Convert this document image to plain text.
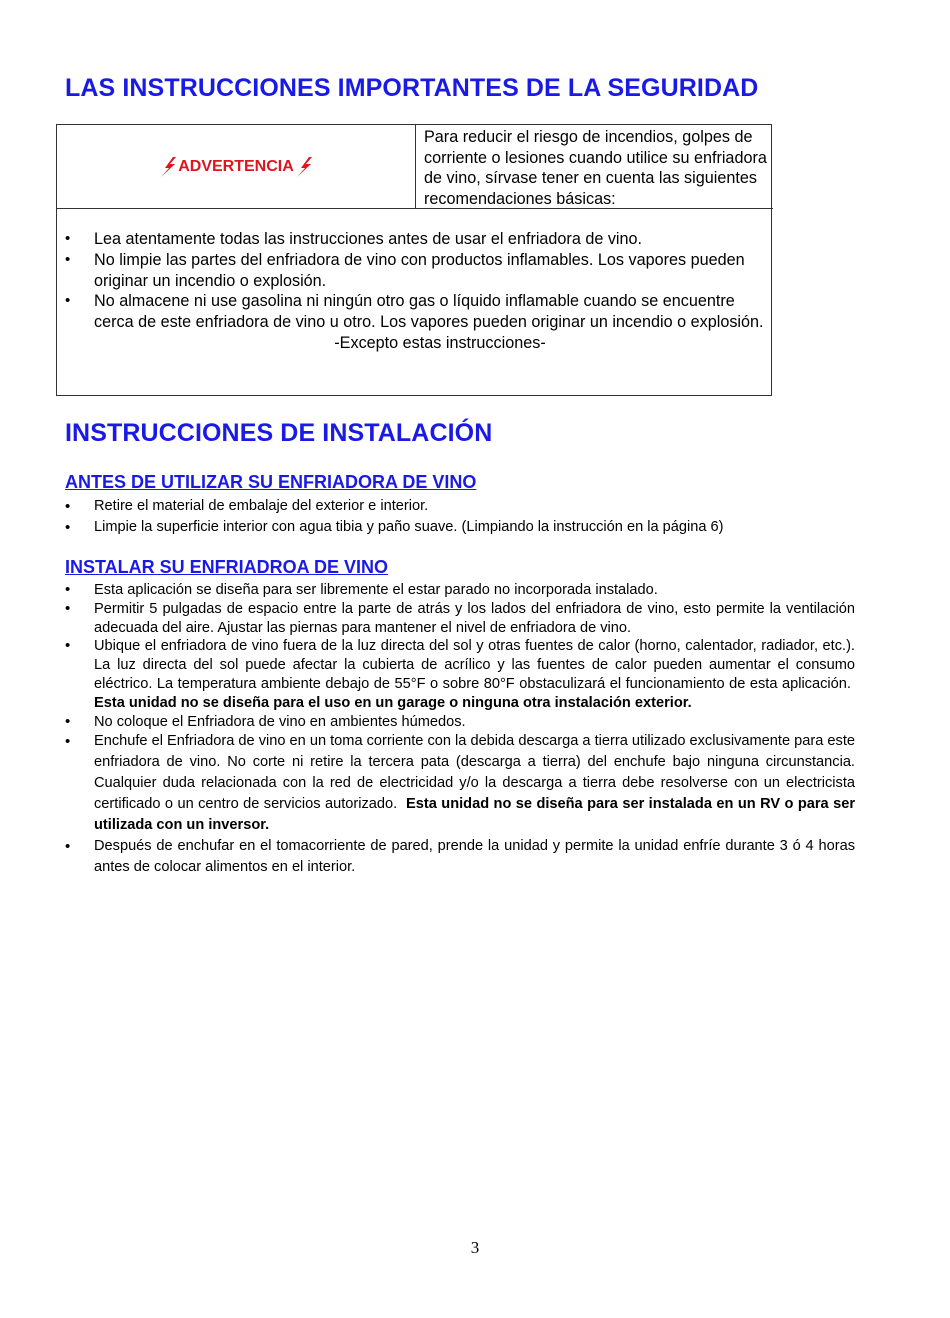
LAS INSTRUCCIONES IMPORTANTES DE LA SEGURIDAD
ADVERTENCIA
Para reducir el riesgo de incendios, golpes de corriente o lesiones cuando utilice su enfriadora de vino, sírvase tener en cuenta las siguientes recomendaciones básicas:
• Lea atentamente todas las instrucciones antes de usar el enfriadora de vino.
• No limpie las partes del enfriadora de vino con productos inflamables. Los vapores pueden originar un incendio o explosión.
• No almacene ni use gasolina ni ningún otro gas o líquido inflamable cuando se encuentre cerca de este enfriadora de vino u otro. Los vapores pueden originar un incendio o explosión.
-Excepto estas instrucciones-
INSTRUCCIONES DE INSTALACIÓN
ANTES DE UTILIZAR SU ENFRIADORA DE VINO
• Retire el material de embalaje del exterior e interior.
• Limpie la superficie interior con agua tibia y paño suave. (Limpiando la instrucción en la página 6)
INSTALAR SU ENFRIADROA DE VINO
• Esta aplicación se diseña para ser libremente el estar parado no incorporada instalado.
• Permitir 5 pulgadas de espacio entre la parte de atrás y los lados del enfriadora de vino, esto permite la ventilación adecuada del aire. Ajustar las piernas para mantener el nivel de enfriadora de vino.
• Ubique el enfriadora de vino fuera de la luz directa del sol y otras fuentes de calor (horno, calentador, radiador, etc.). La luz directa del sol puede afectar la cubierta de acrílico y las fuentes de calor pueden aumentar el consumo eléctrico. La temperatura ambiente debajo de 55°F o sobre 80°F obstaculizará el funcionamiento de esta aplicación.  Esta unidad no se diseña para el uso en un garage o ninguna otra instalación exterior.
• No coloque el Enfriadora de vino en ambientes húmedos.
• Enchufe el Enfriadora de vino en un toma corriente con la debida descarga a tierra utilizado exclusivamente para este enfriadora de vino. No corte ni retire la tercera pata (descarga a tierra) del enchufe bajo ninguna circunstancia. Cualquier duda relacionada con la red de electricidad y/o la descarga a tierra debe resolverse con un electricista certificado o un centro de servicios autorizado. Esta unidad no se diseña para ser instalada en un RV o para ser utilizada con un inversor.
• Después de enchufar en el tomacorriente de pared, prende la unidad y permite la unidad enfríe durante 3 ó 4 horas antes de colocar alimentos en el interior.
3
